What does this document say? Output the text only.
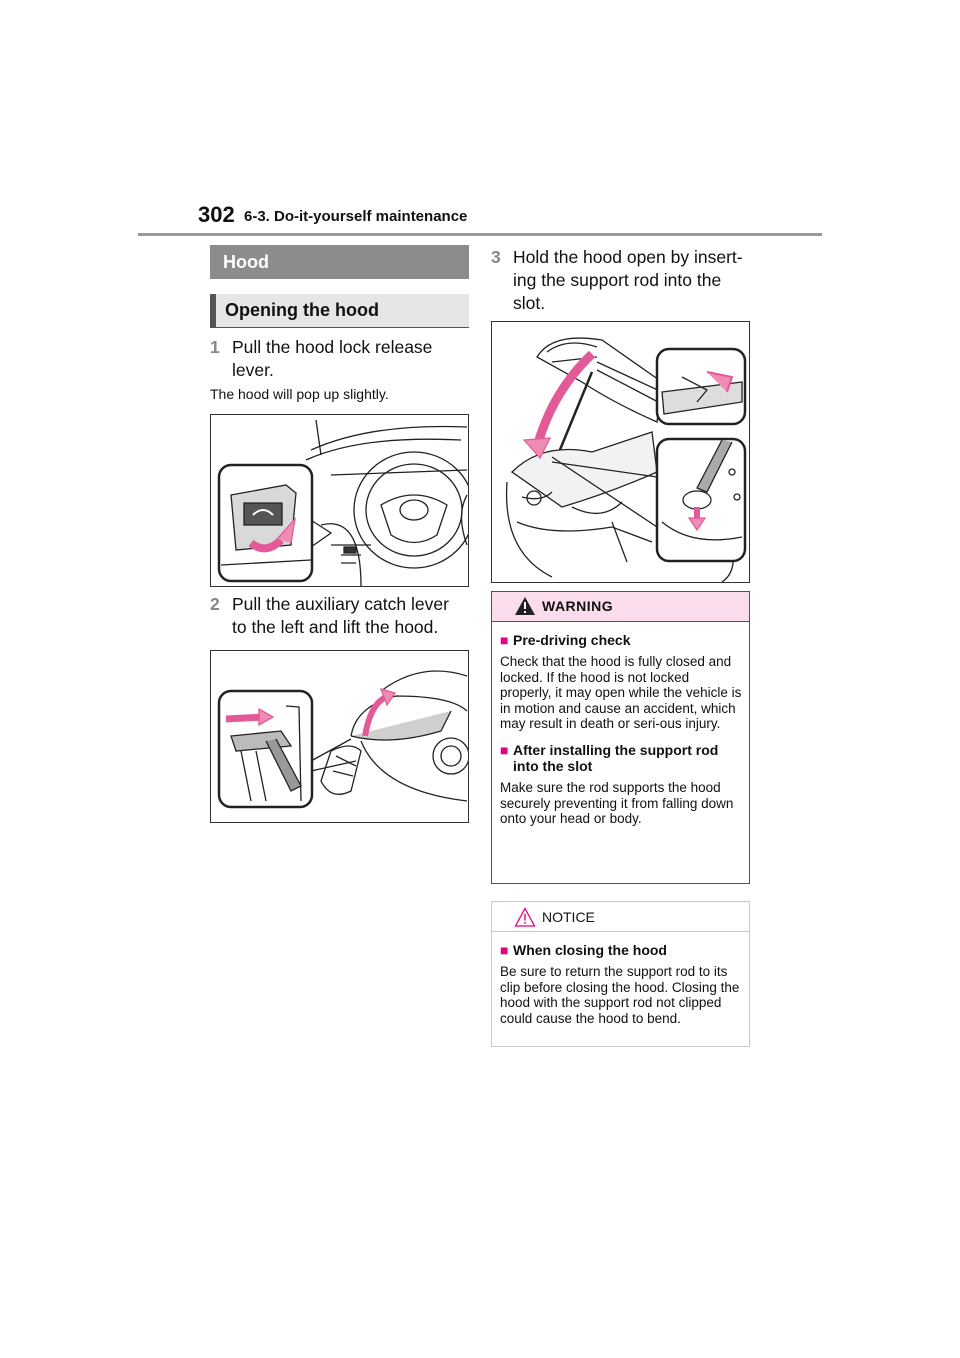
302 6-3. Do-it-yourself maintenance
Hood
Opening the hood
1 Pull the hood lock release lever.
The hood will pop up slightly.
2 Pull the auxiliary catch lever to the left and lift the hood.
3 Hold the hood open by insert-ing the support rod into the slot.
WARNING
■ Pre-driving check
Check that the hood is fully closed and locked. If the hood is not locked properly, it may open while the vehicle is in motion and cause an accident, which may result in death or seri-ous injury.
■ After installing the support rod into the slot
Make sure the rod supports the hood securely preventing it from falling down onto your head or body.
NOTICE
■ When closing the hood
Be sure to return the support rod to its clip before closing the hood. Closing the hood with the support rod not clipped could cause the hood to bend.
